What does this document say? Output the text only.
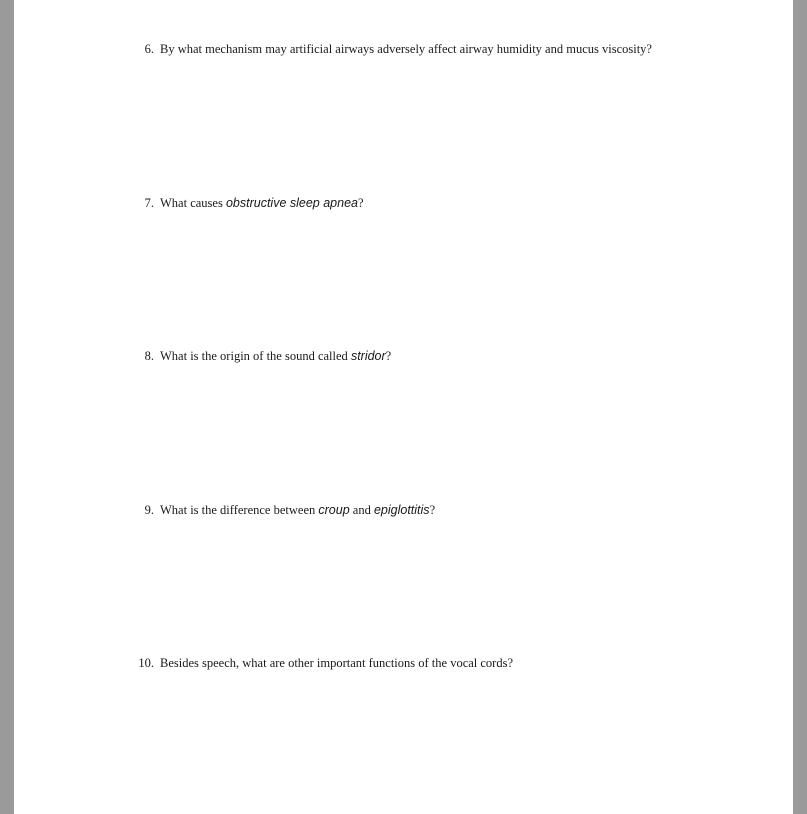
6. By what mechanism may artificial airways adversely affect airway humidity and mucus viscosity?
7. What causes obstructive sleep apnea?
8. What is the origin of the sound called stridor?
9. What is the difference between croup and epiglottitis?
10. Besides speech, what are other important functions of the vocal cords?
